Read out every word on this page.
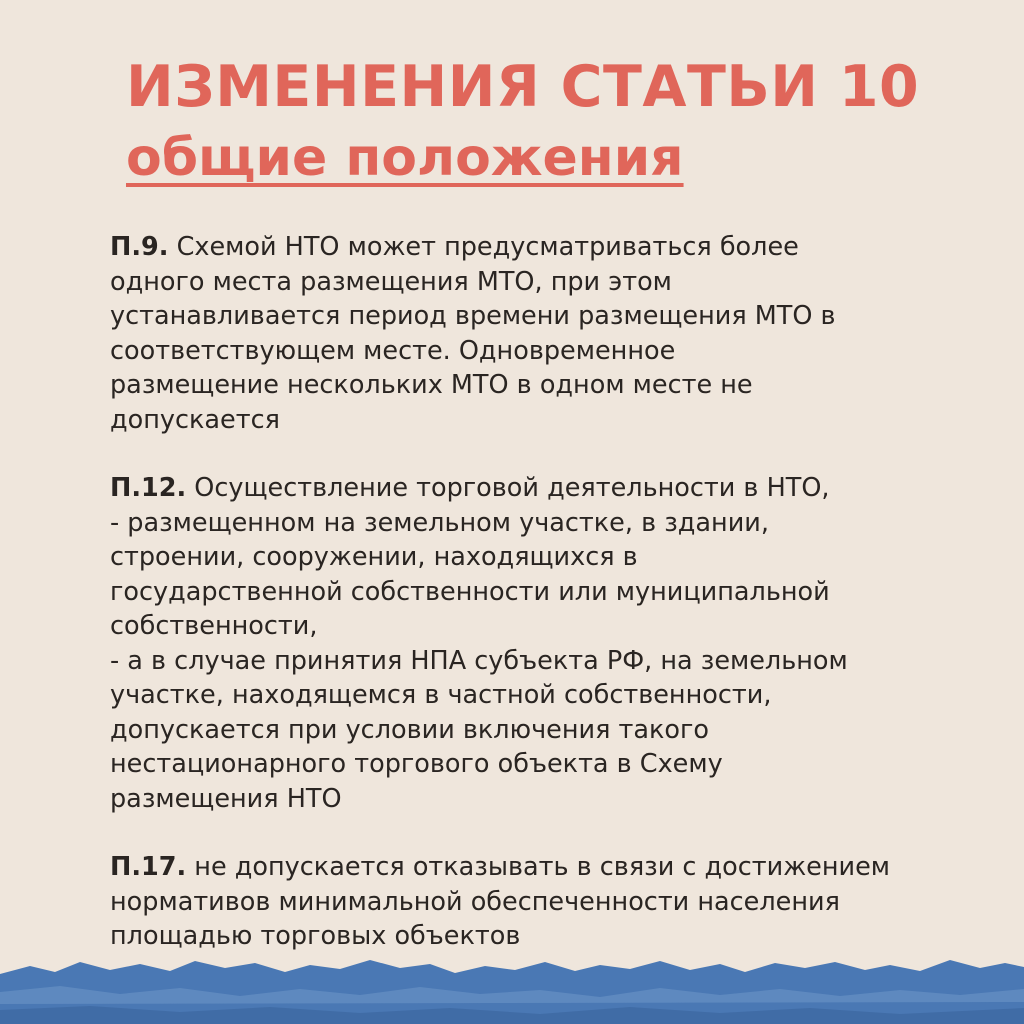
ИЗМЕНЕНИЯ СТАТЬИ 10
общие положения
П.9. Схемой НТО может предусматриваться более
одного места размещения МТО, при этом
устанавливается период времени размещения МТО в
соответствующем месте. Одновременное
размещение нескольких МТО в одном месте не
допускается
П.12. Осуществление торговой деятельности в НТО,
- размещенном на земельном участке, в здании,
строении, сооружении, находящихся в
государственной собственности или муниципальной
собственности,
- а в случае принятия НПА субъекта РФ, на земельном
участке, находящемся в частной собственности,
допускается при условии включения такого
нестационарного торгового объекта в Схему
размещения НТО
П.17. не допускается отказывать в связи с достижением
нормативов минимальной обеспеченности населения
площадью торговых объектов
